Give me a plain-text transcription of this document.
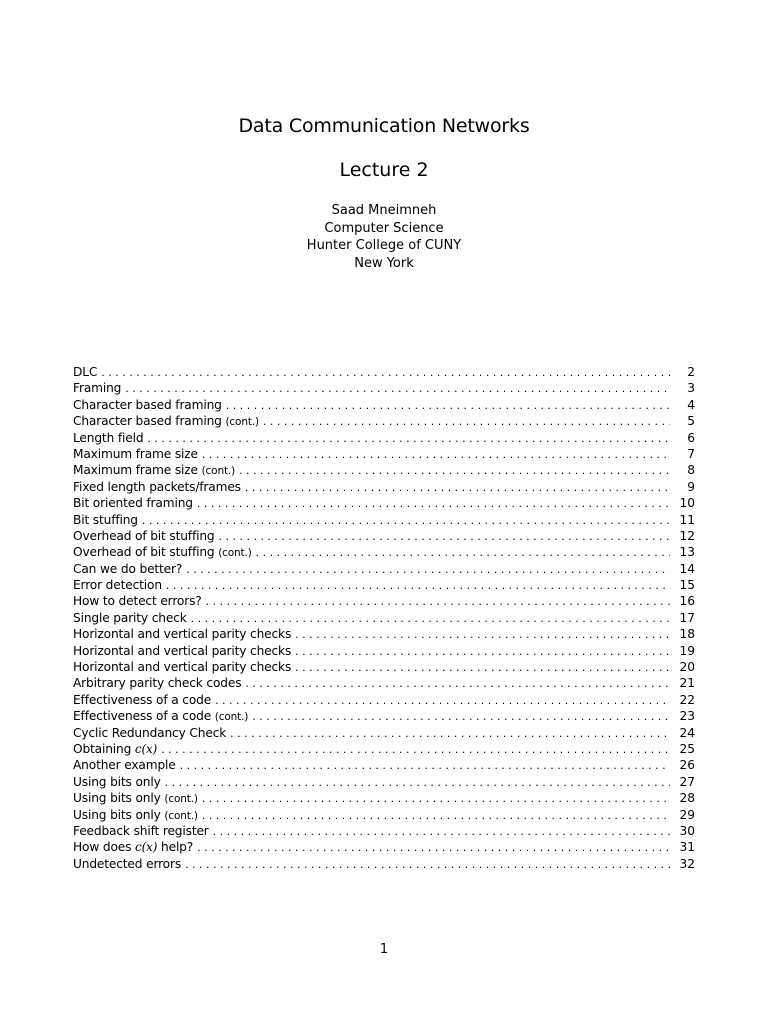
Data Communication Networks
Lecture 2
Saad Mneimneh
Computer Science
Hunter College of CUNY
New York
DLC . . .	2
Framing . . .	3
Character based framing . . .	4
Character based framing (cont.) . . .	5
Length field . . .	6
Maximum frame size . . .	7
Maximum frame size (cont.) . . .	8
Fixed length packets/frames . . .	9
Bit oriented framing . . .	10
Bit stuffing . . .	11
Overhead of bit stuffing . . .	12
Overhead of bit stuffing (cont.) . . .	13
Can we do better? . . .	14
Error detection . . .	15
How to detect errors? . . .	16
Single parity check . . .	17
Horizontal and vertical parity checks . . .	18
Horizontal and vertical parity checks . . .	19
Horizontal and vertical parity checks . . .	20
Arbitrary parity check codes . . .	21
Effectiveness of a code . . .	22
Effectiveness of a code (cont.) . . .	23
Cyclic Redundancy Check . . .	24
Obtaining c(x) . . .	25
Another example . . .	26
Using bits only . . .	27
Using bits only (cont.) . . .	28
Using bits only (cont.) . . .	29
Feedback shift register . . .	30
How does c(x) help? . . .	31
Undetected errors . . .	32
1
